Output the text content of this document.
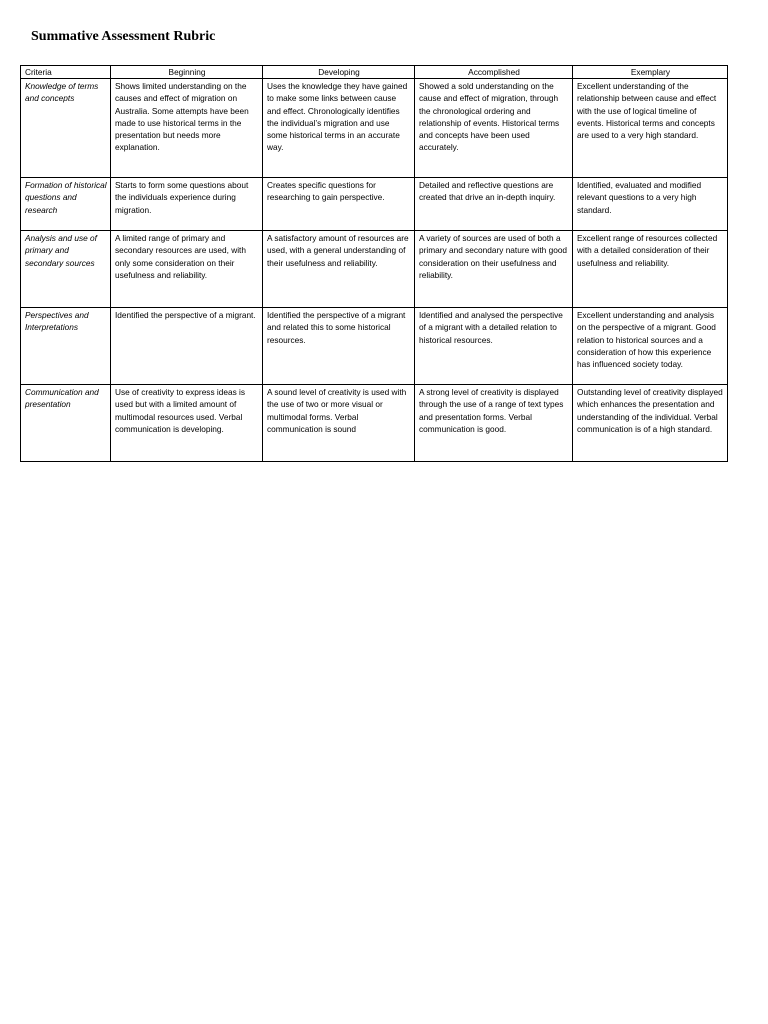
Summative Assessment Rubric
Criteria	Beginning	Developing	Accomplished	Exemplary
Knowledge of terms and concepts	Shows limited understanding on the causes and effect of migration on Australia. Some attempts have been made to use historical terms in the presentation but needs more explanation.	Uses the knowledge they have gained to make some links between cause and effect. Chronologically identifies the individual’s migration and use some historical terms in an accurate way.	Showed a sold understanding on the cause and effect of migration, through the chronological ordering and relationship of events. Historical terms and concepts have been used accurately.	Excellent understanding of the relationship between cause and effect with the use of logical timeline of events. Historical terms and concepts are used to a very high standard.
Formation of historical questions and research	Starts to form some questions about the individuals experience during migration.	Creates specific questions for researching to gain perspective.	Detailed and reflective questions are created that drive an in-depth inquiry.	Identified, evaluated and modified relevant questions to a very high standard.
Analysis and use of primary and secondary sources	A limited range of primary and secondary resources are used, with only some consideration on their usefulness and reliability.	A satisfactory amount of resources are used, with a general understanding of their usefulness and reliability.	A variety of sources are used of both a primary and secondary nature with good consideration on their usefulness and reliability.	Excellent range of resources collected with a detailed consideration of their usefulness and reliability.
Perspectives and Interpretations	Identified the perspective of a migrant.	Identified the perspective of a migrant and related this to some historical resources.	Identified and analysed the perspective of a migrant with a detailed relation to historical resources.	Excellent understanding and analysis on the perspective of a migrant. Good relation to historical sources and a consideration of how this experience has influenced society today.
Communication and presentation	Use of creativity to express ideas is used but with a limited amount of multimodal resources used. Verbal communication is developing.	A sound level of creativity is used with the use of two or more visual or multimodal forms. Verbal communication is sound	A strong level of creativity is displayed through the use of a range of text types and presentation forms. Verbal communication is good.	Outstanding level of creativity displayed which enhances the presentation and understanding of the individual. Verbal communication is of a high standard.
